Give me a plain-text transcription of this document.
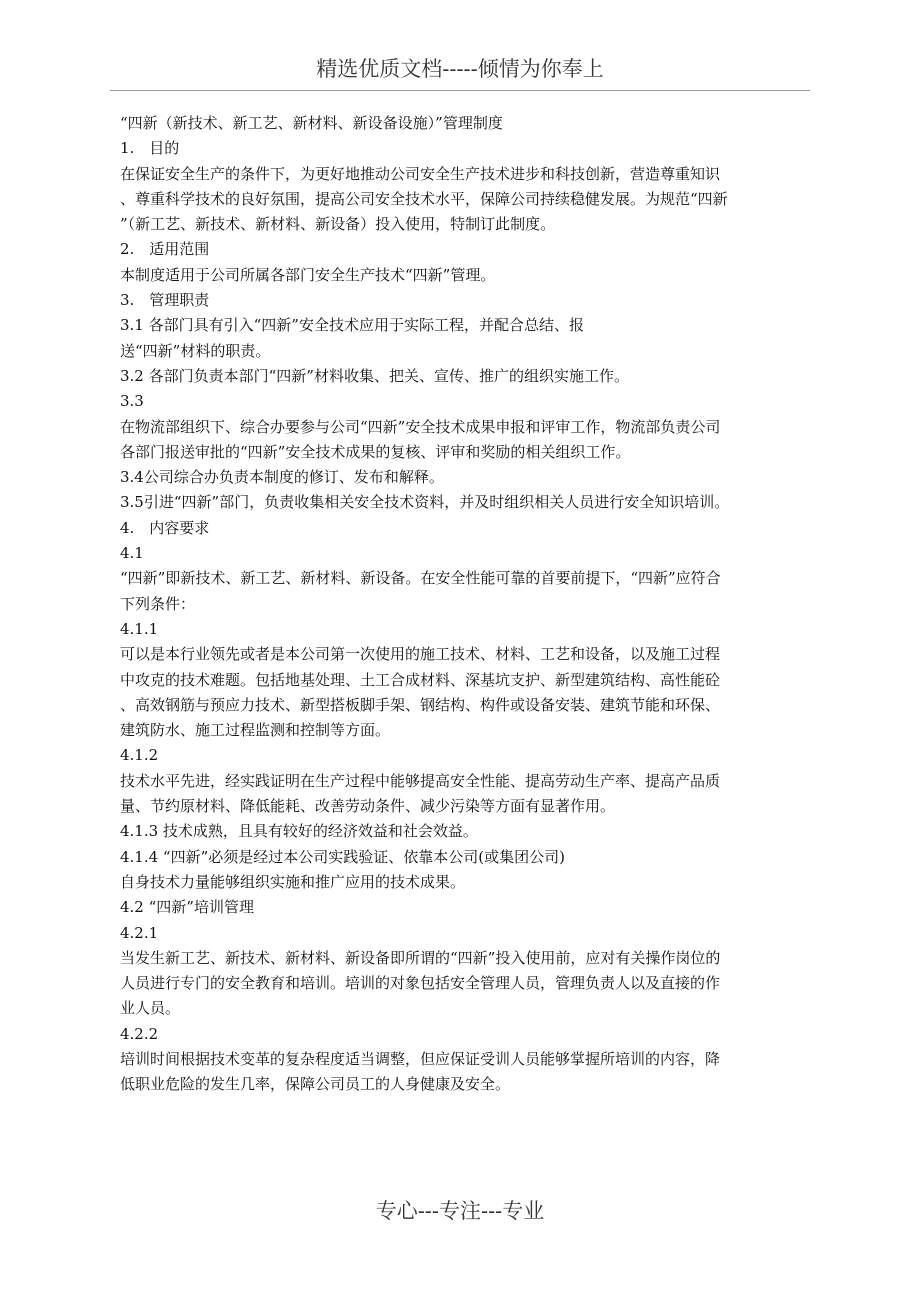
精选优质文档-----倾情为你奉上
“四新（新技术、新工艺、新材料、新设备设施）”管理制度
1.　目的
在保证安全生产的条件下，为更好地推动公司安全生产技术进步和科技创新，营造尊重知识
、尊重科学技术的良好氛围，提高公司安全技术水平，保障公司持续稳健发展。为规范“四新
”（新工艺、新技术、新材料、新设备）投入使用，特制订此制度。
2.　适用范围
本制度适用于公司所属各部门安全生产技术“四新”管理。
3.　管理职责
3.1 各部门具有引入“四新”安全技术应用于实际工程，并配合总结、报
送“四新”材料的职责。
3.2 各部门负责本部门“四新”材料收集、把关、宣传、推广的组织实施工作。
3.3
在物流部组织下、综合办要参与公司“四新”安全技术成果申报和评审工作，物流部负责公司
各部门报送审批的“四新”安全技术成果的复核、评审和奖励的相关组织工作。
3.4公司综合办负责本制度的修订、发布和解释。
3.5引进“四新”部门，负责收集相关安全技术资料，并及时组织相关人员进行安全知识培训。
4.　内容要求
4.1
“四新”即新技术、新工艺、新材料、新设备。在安全性能可靠的首要前提下，“四新”应符合
下列条件：
4.1.1
可以是本行业领先或者是本公司第一次使用的施工技术、材料、工艺和设备，以及施工过程
中攻克的技术难题。包括地基处理、土工合成材料、深基坑支护、新型建筑结构、高性能砼
、高效钢筋与预应力技术、新型搭板脚手架、钢结构、构件或设备安装、建筑节能和环保、
建筑防水、施工过程监测和控制等方面。
4.1.2
技术水平先进，经实践证明在生产过程中能够提高安全性能、提高劳动生产率、提高产品质
量、节约原材料、降低能耗、改善劳动条件、减少污染等方面有显著作用。
4.1.3 技术成熟，且具有较好的经济效益和社会效益。
4.1.4 “四新”必须是经过本公司实践验证、依靠本公司(或集团公司)
自身技术力量能够组织实施和推广应用的技术成果。
4.2 “四新”培训管理
4.2.1
当发生新工艺、新技术、新材料、新设备即所谓的“四新”投入使用前，应对有关操作岗位的
人员进行专门的安全教育和培训。培训的对象包括安全管理人员，管理负责人以及直接的作
业人员。
4.2.2
培训时间根据技术变革的复杂程度适当调整，但应保证受训人员能够掌握所培训的内容，降
低职业危险的发生几率，保障公司员工的人身健康及安全。
专心---专注---专业
